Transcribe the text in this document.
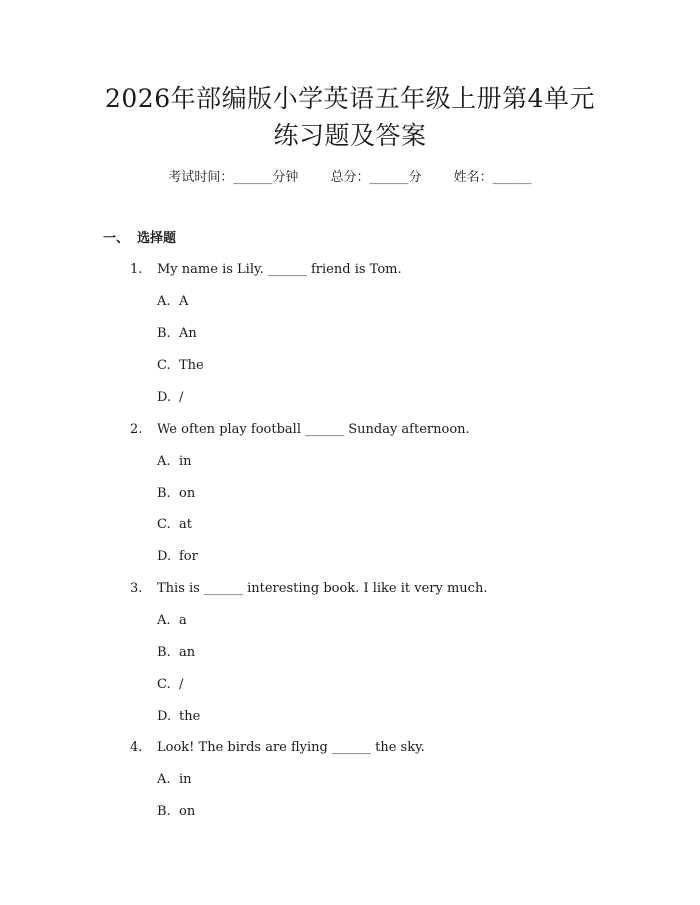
2026年部编版小学英语五年级上册第4单元
练习题及答案
考试时间：______分钟 总分：______分 姓名：______
一、 选择题
1. My name is Lily. ______ friend is Tom.
A. A
B. An
C. The
D. /
2. We often play football ______ Sunday afternoon.
A. in
B. on
C. at
D. for
3. This is ______ interesting book. I like it very much.
A. a
B. an
C. /
D. the
4. Look! The birds are flying ______ the sky.
A. in
B. on
